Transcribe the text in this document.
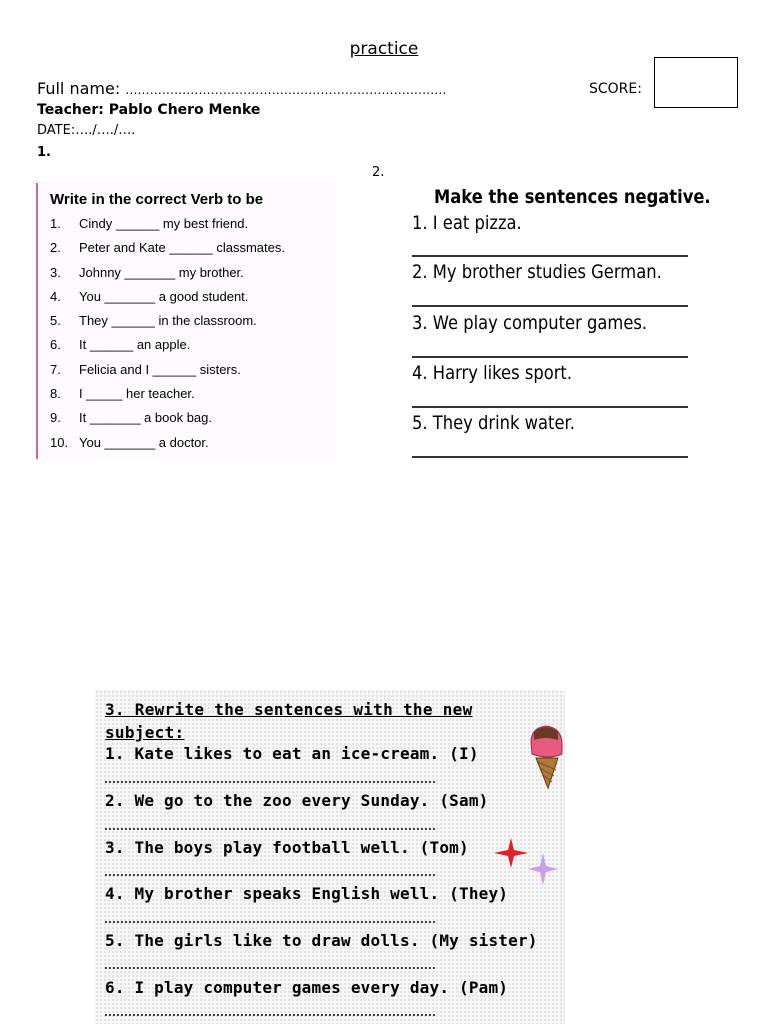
practice
Full name: …………………………………………………………………….	SCORE:
Teacher: Pablo Chero Menke
DATE:…./…./….
1.
2.
Write in the correct Verb to be
1. Cindy ______ my best friend.
2. Peter and Kate ______ classmates.
3. Johnny _______ my brother.
4. You _______ a good student.
5. They ______ in the classroom.
6. It ______ an apple.
7. Felicia and I ______ sisters.
8. I _____ her teacher.
9. It _______ a book bag.
10. You _______ a doctor.
Make the sentences negative.
1. I eat pizza.
2. My brother studies German.
3. We play computer games.
4. Harry likes sport.
5. They drink water.
3. Rewrite the sentences with the new subject:
1. Kate likes to eat an ice-cream. (I)
2. We go to the zoo every Sunday. (Sam)
3. The boys play football well. (Tom)
4. My brother speaks English well. (They)
5. The girls like to draw dolls. (My sister)
6. I play computer games every day. (Pam)
